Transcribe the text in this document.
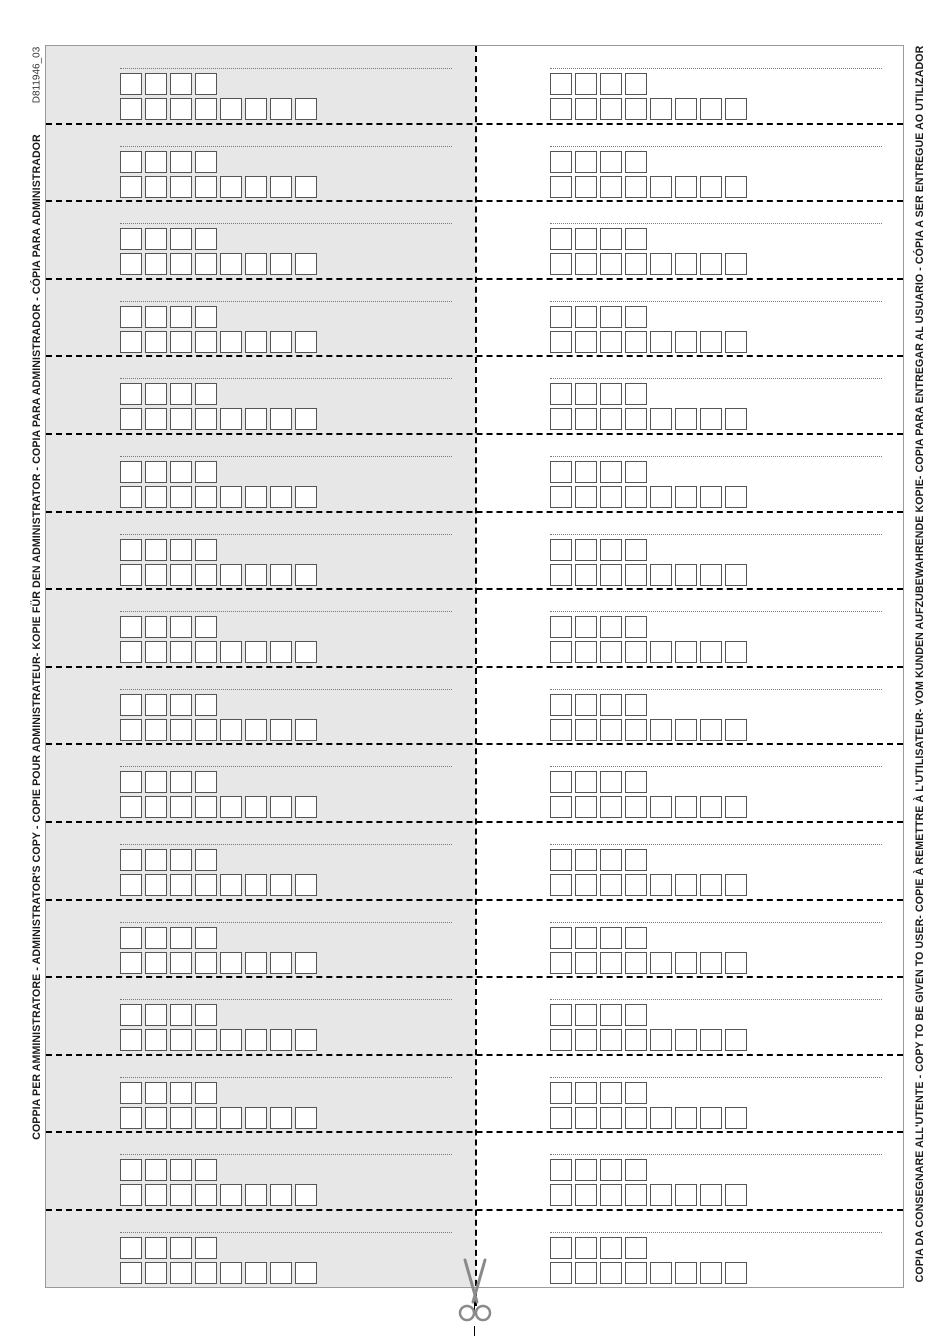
COPPIA PER AMMINISTRATORE - ADMINISTRATOR'S COPY - COPIE POUR ADMINISTRATEUR- KOPIE FÜR DEN ADMINISTRATOR - COPIA PARA ADMINISTRADOR - CÓPIA PARA ADMINISTRADOR	COPIA DA CONSEGNARE ALL'UTENTE - COPY TO BE GIVEN TO USER- COPIE À REMETTRE À L'UTILISATEUR- VOM KUNDEN AUFZUBEWAHRENDE KOPIE- COPIA PARA ENTREGAR AL USUARIO - CÓPIA A SER ENTREGUE AO UTILIZADOR
D811946_03
